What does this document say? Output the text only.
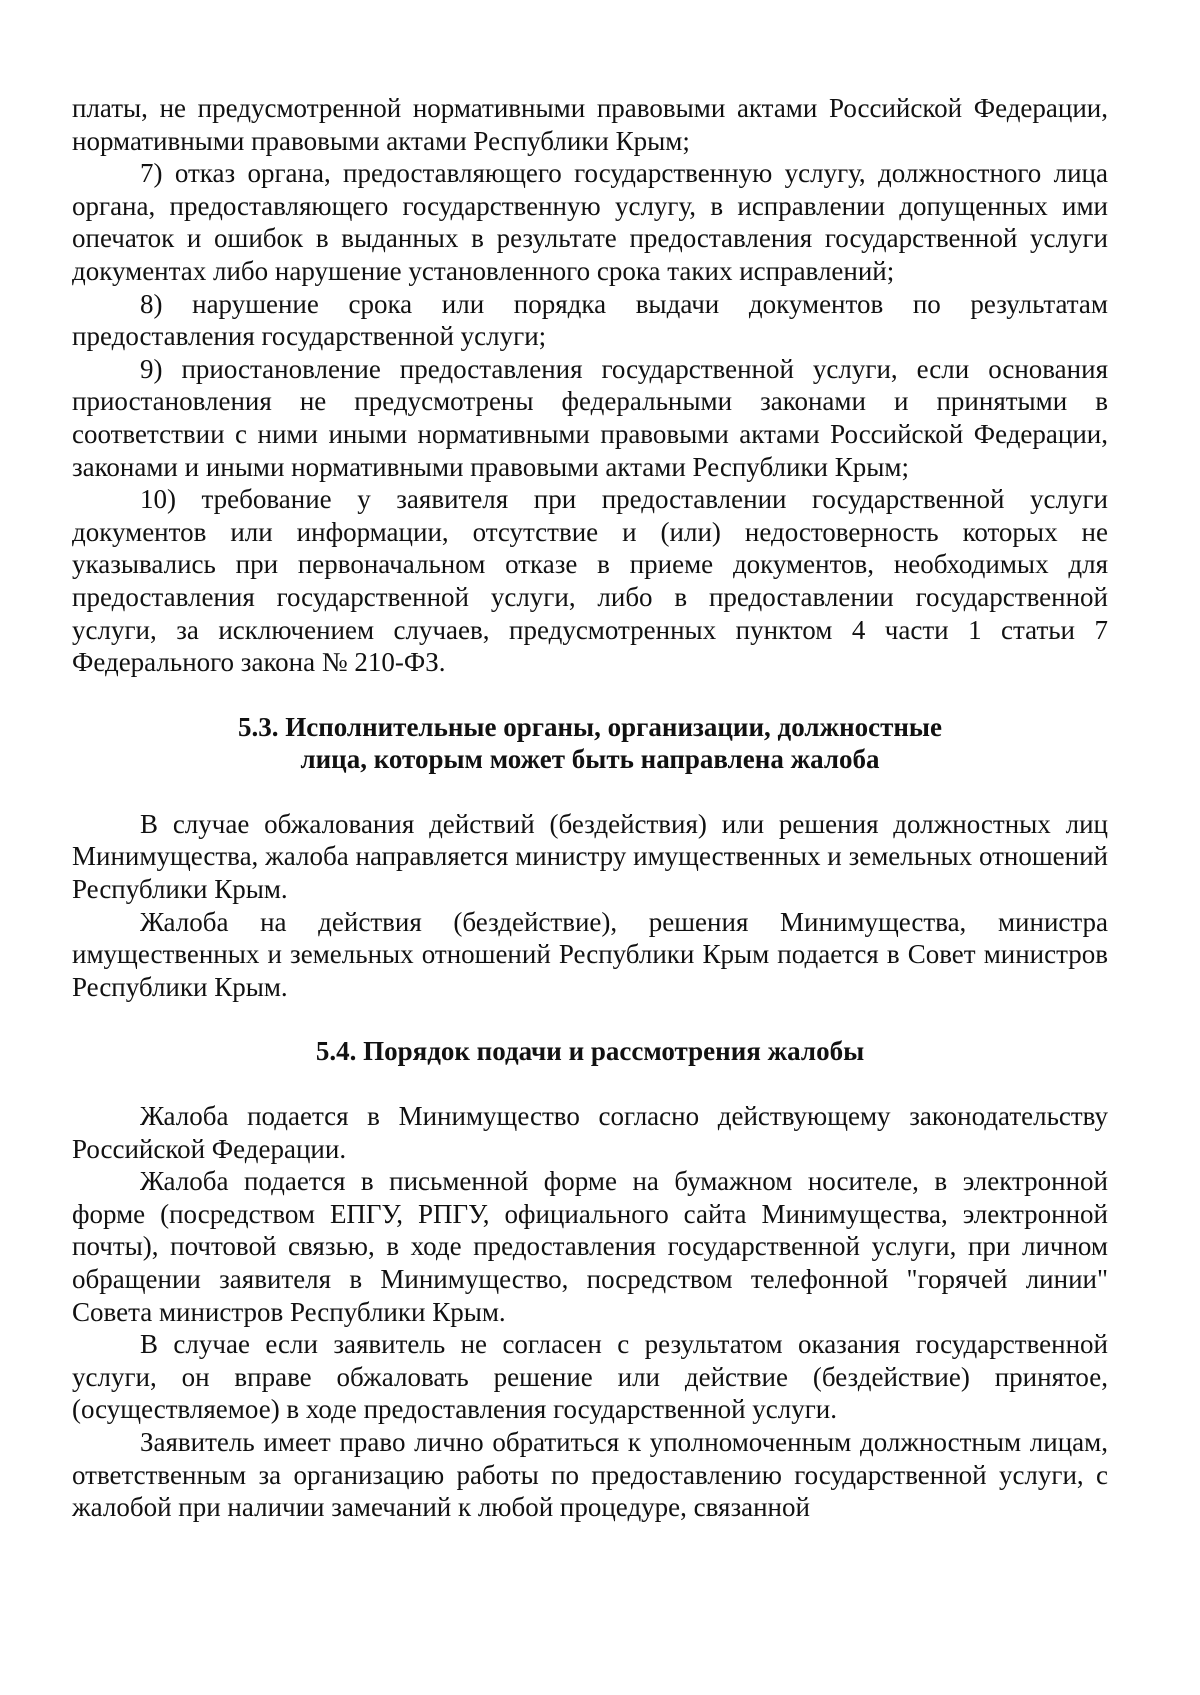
платы, не предусмотренной нормативными правовыми актами Российской Федерации, нормативными правовыми актами Республики Крым;

7) отказ органа, предоставляющего государственную услугу, должностного лица органа, предоставляющего государственную услугу, в исправлении допущенных ими опечаток и ошибок в выданных в результате предоставления государственной услуги документах либо нарушение установленного срока таких исправлений;

8) нарушение срока или порядка выдачи документов по результатам предоставления государственной услуги;

9) приостановление предоставления государственной услуги, если основания приостановления не предусмотрены федеральными законами и принятыми в соответствии с ними иными нормативными правовыми актами Российской Федерации, законами и иными нормативными правовыми актами Республики Крым;

10) требование у заявителя при предоставлении государственной услуги документов или информации, отсутствие и (или) недостоверность которых не указывались при первоначальном отказе в приеме документов, необходимых для предоставления государственной услуги, либо в предоставлении государственной услуги, за исключением случаев, предусмотренных пунктом 4 части 1 статьи 7 Федерального закона № 210-ФЗ.

5.3. Исполнительные органы, организации, должностные
лица, которым может быть направлена жалоба

В случае обжалования действий (бездействия) или решения должностных лиц Минимущества, жалоба направляется министру имущественных и земельных отношений Республики Крым.

Жалоба на действия (бездействие), решения Минимущества, министра имущественных и земельных отношений Республики Крым подается в Совет министров Республики Крым.

5.4. Порядок подачи и рассмотрения жалобы

Жалоба подается в Минимущество согласно действующему законодательству Российской Федерации.

Жалоба подается в письменной форме на бумажном носителе, в электронной форме (посредством ЕПГУ, РПГУ, официального сайта Минимущества, электронной почты), почтовой связью, в ходе предоставления государственной услуги, при личном обращении заявителя в Минимущество, посредством телефонной "горячей линии" Совета министров Республики Крым.

В случае если заявитель не согласен с результатом оказания государственной услуги, он вправе обжаловать решение или действие (бездействие) принятое, (осуществляемое) в ходе предоставления государственной услуги.

Заявитель имеет право лично обратиться к уполномоченным должностным лицам, ответственным за организацию работы по предоставлению государственной услуги, с жалобой при наличии замечаний к любой процедуре, связанной
